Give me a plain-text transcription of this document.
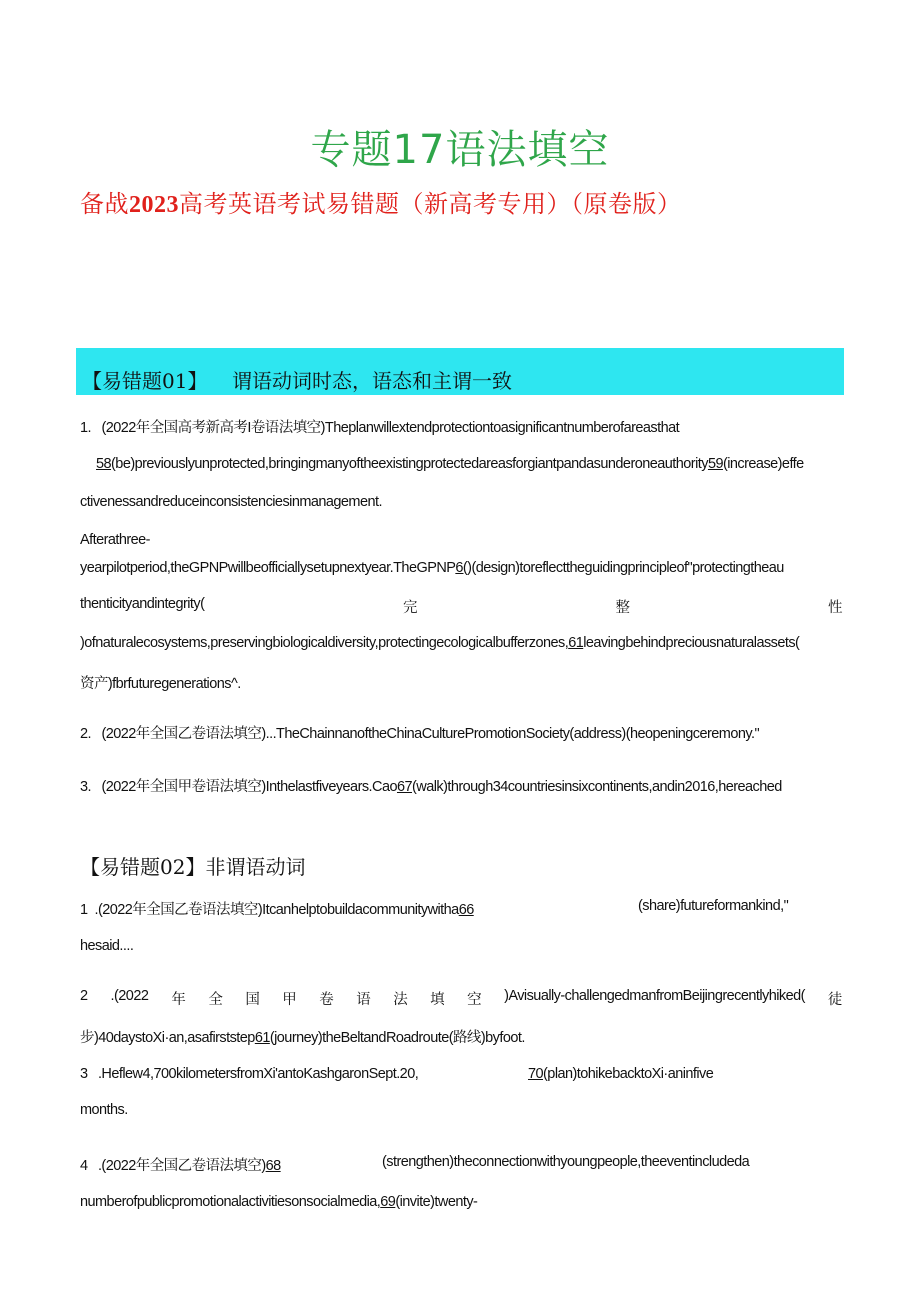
专题17语法填空
备战2023高考英语考试易错题（新高考专用）（原卷版）
【易错题01】 谓语动词时态，语态和主谓一致
1. (2022年全国高考新高考I卷语法填空)Theplanwillextendprotectiontoasignificantnumberofareasthat
58(be)previouslyunprotected,bringingmanyoftheexistingprotectedareasforgiantpandasunderoneauthority59(increase)effe
ctivenessandreduceinconsistenciesinmanagement.
Afterathree-
yearpilotperiod,theGPNPwillbeofficiallysetupnextyear.TheGPNP6()(design)toreflecttheguidingprincipleof"protectingtheau
thenticityandintegrity(	完	整	性
)ofnaturalecosystems,preservingbiologicaldiversity,protectingecologicalbufferzones,61leavingbehindpreciousnaturalassets(
资产)fbrfuturegenerations^.
2. (2022年全国乙卷语法填空)...TheChainnanoftheChinaCulturePromotionSociety(address)(heopeningceremony."
3. (2022年全国甲卷语法填空)Inthelastfiveyears.Cao67(walk)through34countriesinsixcontinents,andin2016,hereached
【易错题02】非谓语动词
1 .(2022年全国乙卷语法填空)Itcanhelptobuildacommunitywitha66	(share)futureformankind,"
hesaid....
2 .(2022 年 全 国 甲 卷 语 法 填 空 )Avisually-challengedmanfromBeijingrecentlyhiked( 徒
步)40daystoXi·an,asafirststep61(journey)theBeltandRoadroute(路线)byfoot.
3 .Heflew4,700kilometersfromXi'antoKashgaronSept.20,	70(plan)tohikebacktoXi·aninfive
months.
4 .(2022年全国乙卷语法填空)68	(strengthen)theconnectionwithyoungpeople,theeventincludeda
numberofpublicpromotionalactivitiesonsocialmedia,69(invite)twenty-
